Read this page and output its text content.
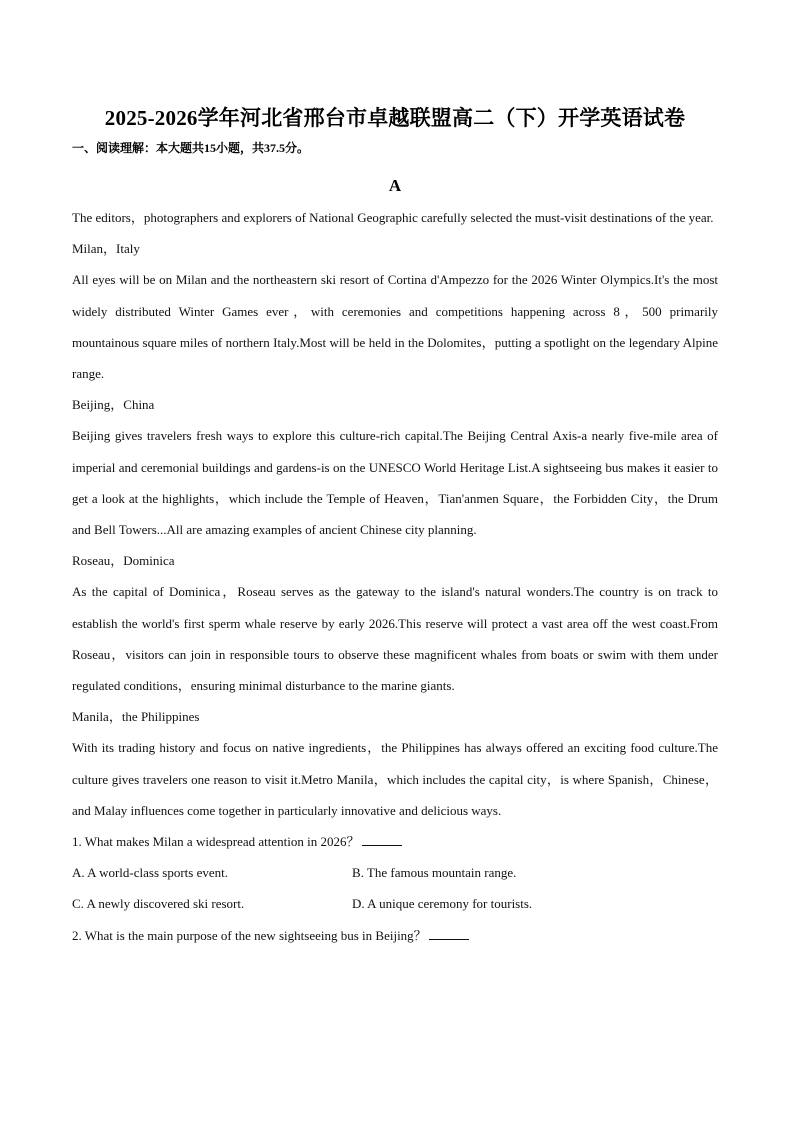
2025-2026学年河北省邢台市卓越联盟高二（下）开学英语试卷
一、阅读理解：本大题共15小题，共37.5分。
A

The editors，photographers and explorers of National Geographic carefully selected the must-visit destinations of the year.

Milan，Italy

All eyes will be on Milan and the northeastern ski resort of Cortina d'Ampezzo for the 2026 Winter Olympics.It's the most widely distributed Winter Games ever，with ceremonies and competitions happening across 8，500 primarily mountainous square miles of northern Italy.Most will be held in the Dolomites，putting a spotlight on the legendary Alpine range.

Beijing，China

Beijing gives travelers fresh ways to explore this culture-rich capital.The Beijing Central Axis-a nearly five-mile area of imperial and ceremonial buildings and gardens-is on the UNESCO World Heritage List.A sightseeing bus makes it easier to get a look at the highlights，which include the Temple of Heaven，Tian'anmen Square，the Forbidden City，the Drum and Bell Towers...All are amazing examples of ancient Chinese city planning.

Roseau，Dominica

As the capital of Dominica，Roseau serves as the gateway to the island's natural wonders.The country is on track to establish the world's first sperm whale reserve by early 2026.This reserve will protect a vast area off the west coast.From Roseau，visitors can join in responsible tours to observe these magnificent whales from boats or swim with them under regulated conditions，ensuring minimal disturbance to the marine giants.

Manila，the Philippines

With its trading history and focus on native ingredients，the Philippines has always offered an exciting food culture.The culture gives travelers one reason to visit it.Metro Manila，which includes the capital city，is where Spanish，Chinese，and Malay influences come together in particularly innovative and delicious ways.

1. What makes Milan a widespread attention in 2026？

A. A world-class sports event.	B. The famous mountain range.

C. A newly discovered ski resort.	D. A unique ceremony for tourists.

2. What is the main purpose of the new sightseeing bus in Beijing？
